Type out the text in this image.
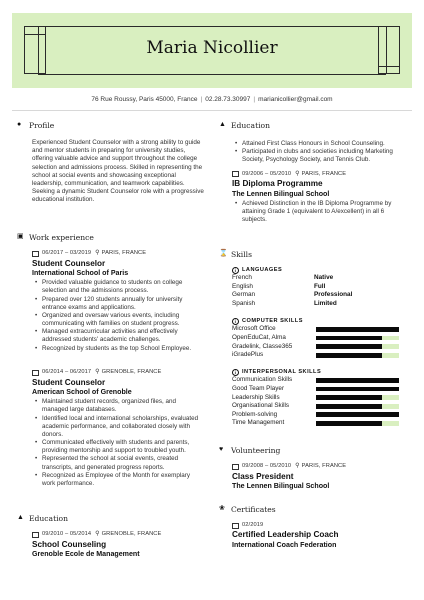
Maria Nicollier
76 Rue Roussy, Paris 45000, France | 02.28.73.30997 | marianicollier@gmail.com
●	Profile
Experienced Student Counselor with a strong ability to guide and mentor students in preparing for university studies, offering valuable advice and support throughout the college selection and admissions process. Skilled in representing the school at social events and showcasing exceptional leadership, communication, and teamwork capabilities. Seeking a dynamic Student Counselor role with a progressive educational institution.
▣ Work experience
06/2017 – 03/2019 ⚲ PARIS, FRANCE
Student Counselor
International School of Paris
• Provided valuable guidance to students on college selection and the admissions process.
• Prepared over 120 students annually for university entrance exams and applications.
• Organized and oversaw various events, including communicating with families on student progress.
• Managed extracurricular activities and effectively addressed students' academic challenges.
• Recognized by students as the top School Employee.
06/2014 – 06/2017 ⚲ GRENOBLE, FRANCE
Student Counselor
American School of Grenoble
• Maintained student records, organized files, and managed large databases.
• Identified local and international scholarships, evaluated academic performance, and collaborated closely with donors.
• Communicated effectively with students and parents, providing mentorship and support to troubled youth.
• Represented the school at social events, created transcripts, and generated progress reports.
• Recognized as Employee of the Month for exemplary work performance.
▲ Education
09/2010 – 05/2014 ⚲ GRENOBLE, FRANCE
School Counseling
Grenoble Ecole de Management
▲ Education
• Attained First Class Honours in School Counseling.
• Participated in clubs and societies including Marketing Society, Psychology Society, and Tennis Club.
09/2006 – 05/2010 ⚲ PARIS, FRANCE
IB Diploma Programme
The Lennen Bilingual School
• Achieved Distinction in the IB Diploma Programme by attaining Grade 1 (equivalent to A/excellent) in all 6 subjects.
⌛ Skills
i	LANGUAGES
French	Native
English	Full
German	Professional
Spanish	Limited
i	COMPUTER SKILLS
Microsoft Office
OpenEduCat, Alma
Gradelink, Classe365
iGradePlus
i	INTERPERSONAL SKILLS
Communication Skills
Good Team Player
Leadership Skills
Organisational Skills
Problem-solving
Time Management
♥	Volunteering
09/2008 – 05/2010 ⚲ PARIS, FRANCE
Class President
The Lennen Bilingual School
❀ Certificates
02/2019
Certified Leadership Coach
International Coach Federation
